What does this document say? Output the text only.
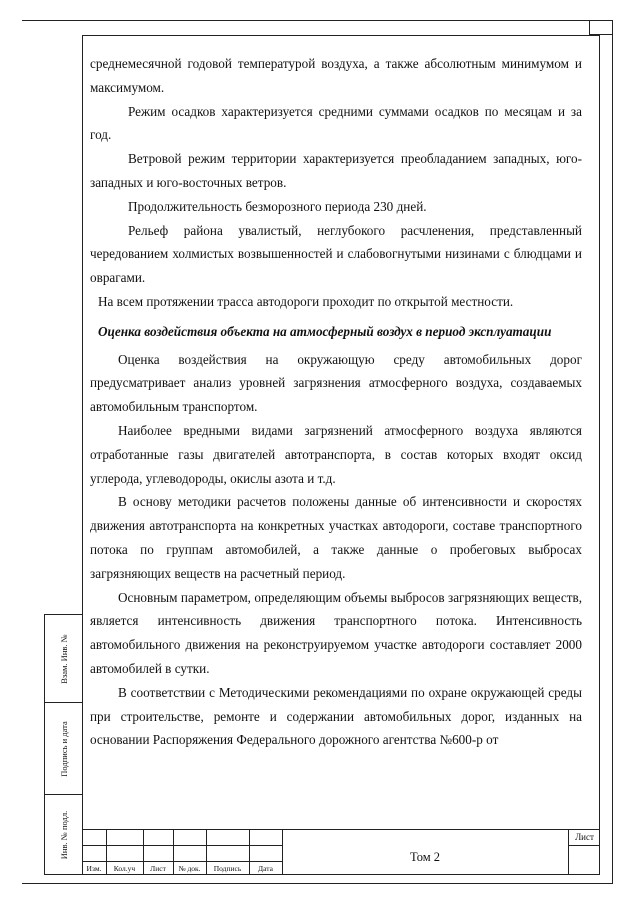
Взам. Инв. №
Подпись и дата
Инв. № подл.

среднемесячной годовой температурой воздуха, а также абсолютным минимумом и максимумом.

Режим осадков характеризуется средними суммами осадков по месяцам и за год.

Ветровой режим территории характеризуется преобладанием западных, юго-западных и юго-восточных ветров.

Продолжительность безморозного периода 230 дней.

Рельеф района увалистый, неглубокого расчленения, представленный чередованием холмистых возвышенностей и слабовогнутыми низинами с блюдцами и оврагами.

На всем протяжении трасса автодороги проходит по открытой местности.

Оценка воздействия объекта на атмосферный воздух в период эксплуатации

Оценка воздействия на окружающую среду автомобильных дорог предусматривает анализ уровней загрязнения атмосферного воздуха, создаваемых автомобильным транспортом.

Наиболее вредными видами загрязнений атмосферного воздуха являются отработанные газы двигателей автотранспорта, в состав которых входят оксид углерода, углеводороды, окислы азота и т.д.

В основу методики расчетов положены данные об интенсивности и скоростях движения автотранспорта на конкретных участках автодороги, составе транспортного потока по группам автомобилей, а также данные о пробеговых выбросах загрязняющих веществ на расчетный период.

Основным параметром, определяющим объемы выбросов загрязняющих веществ, является интенсивность движения транспортного потока. Интенсивность автомобильного движения на реконструируемом участке автодороги составляет 2000 автомобилей в сутки.

В соответствии с Методическими рекомендациями по охране окружающей среды при строительстве, ремонте и содержании автомобильных дорог, изданных на основании Распоряжения Федерального дорожного агентства №600-р от

Изм.	Кол.уч	Лист	№ док.	Подпись	Дата
Том 2
Лист
